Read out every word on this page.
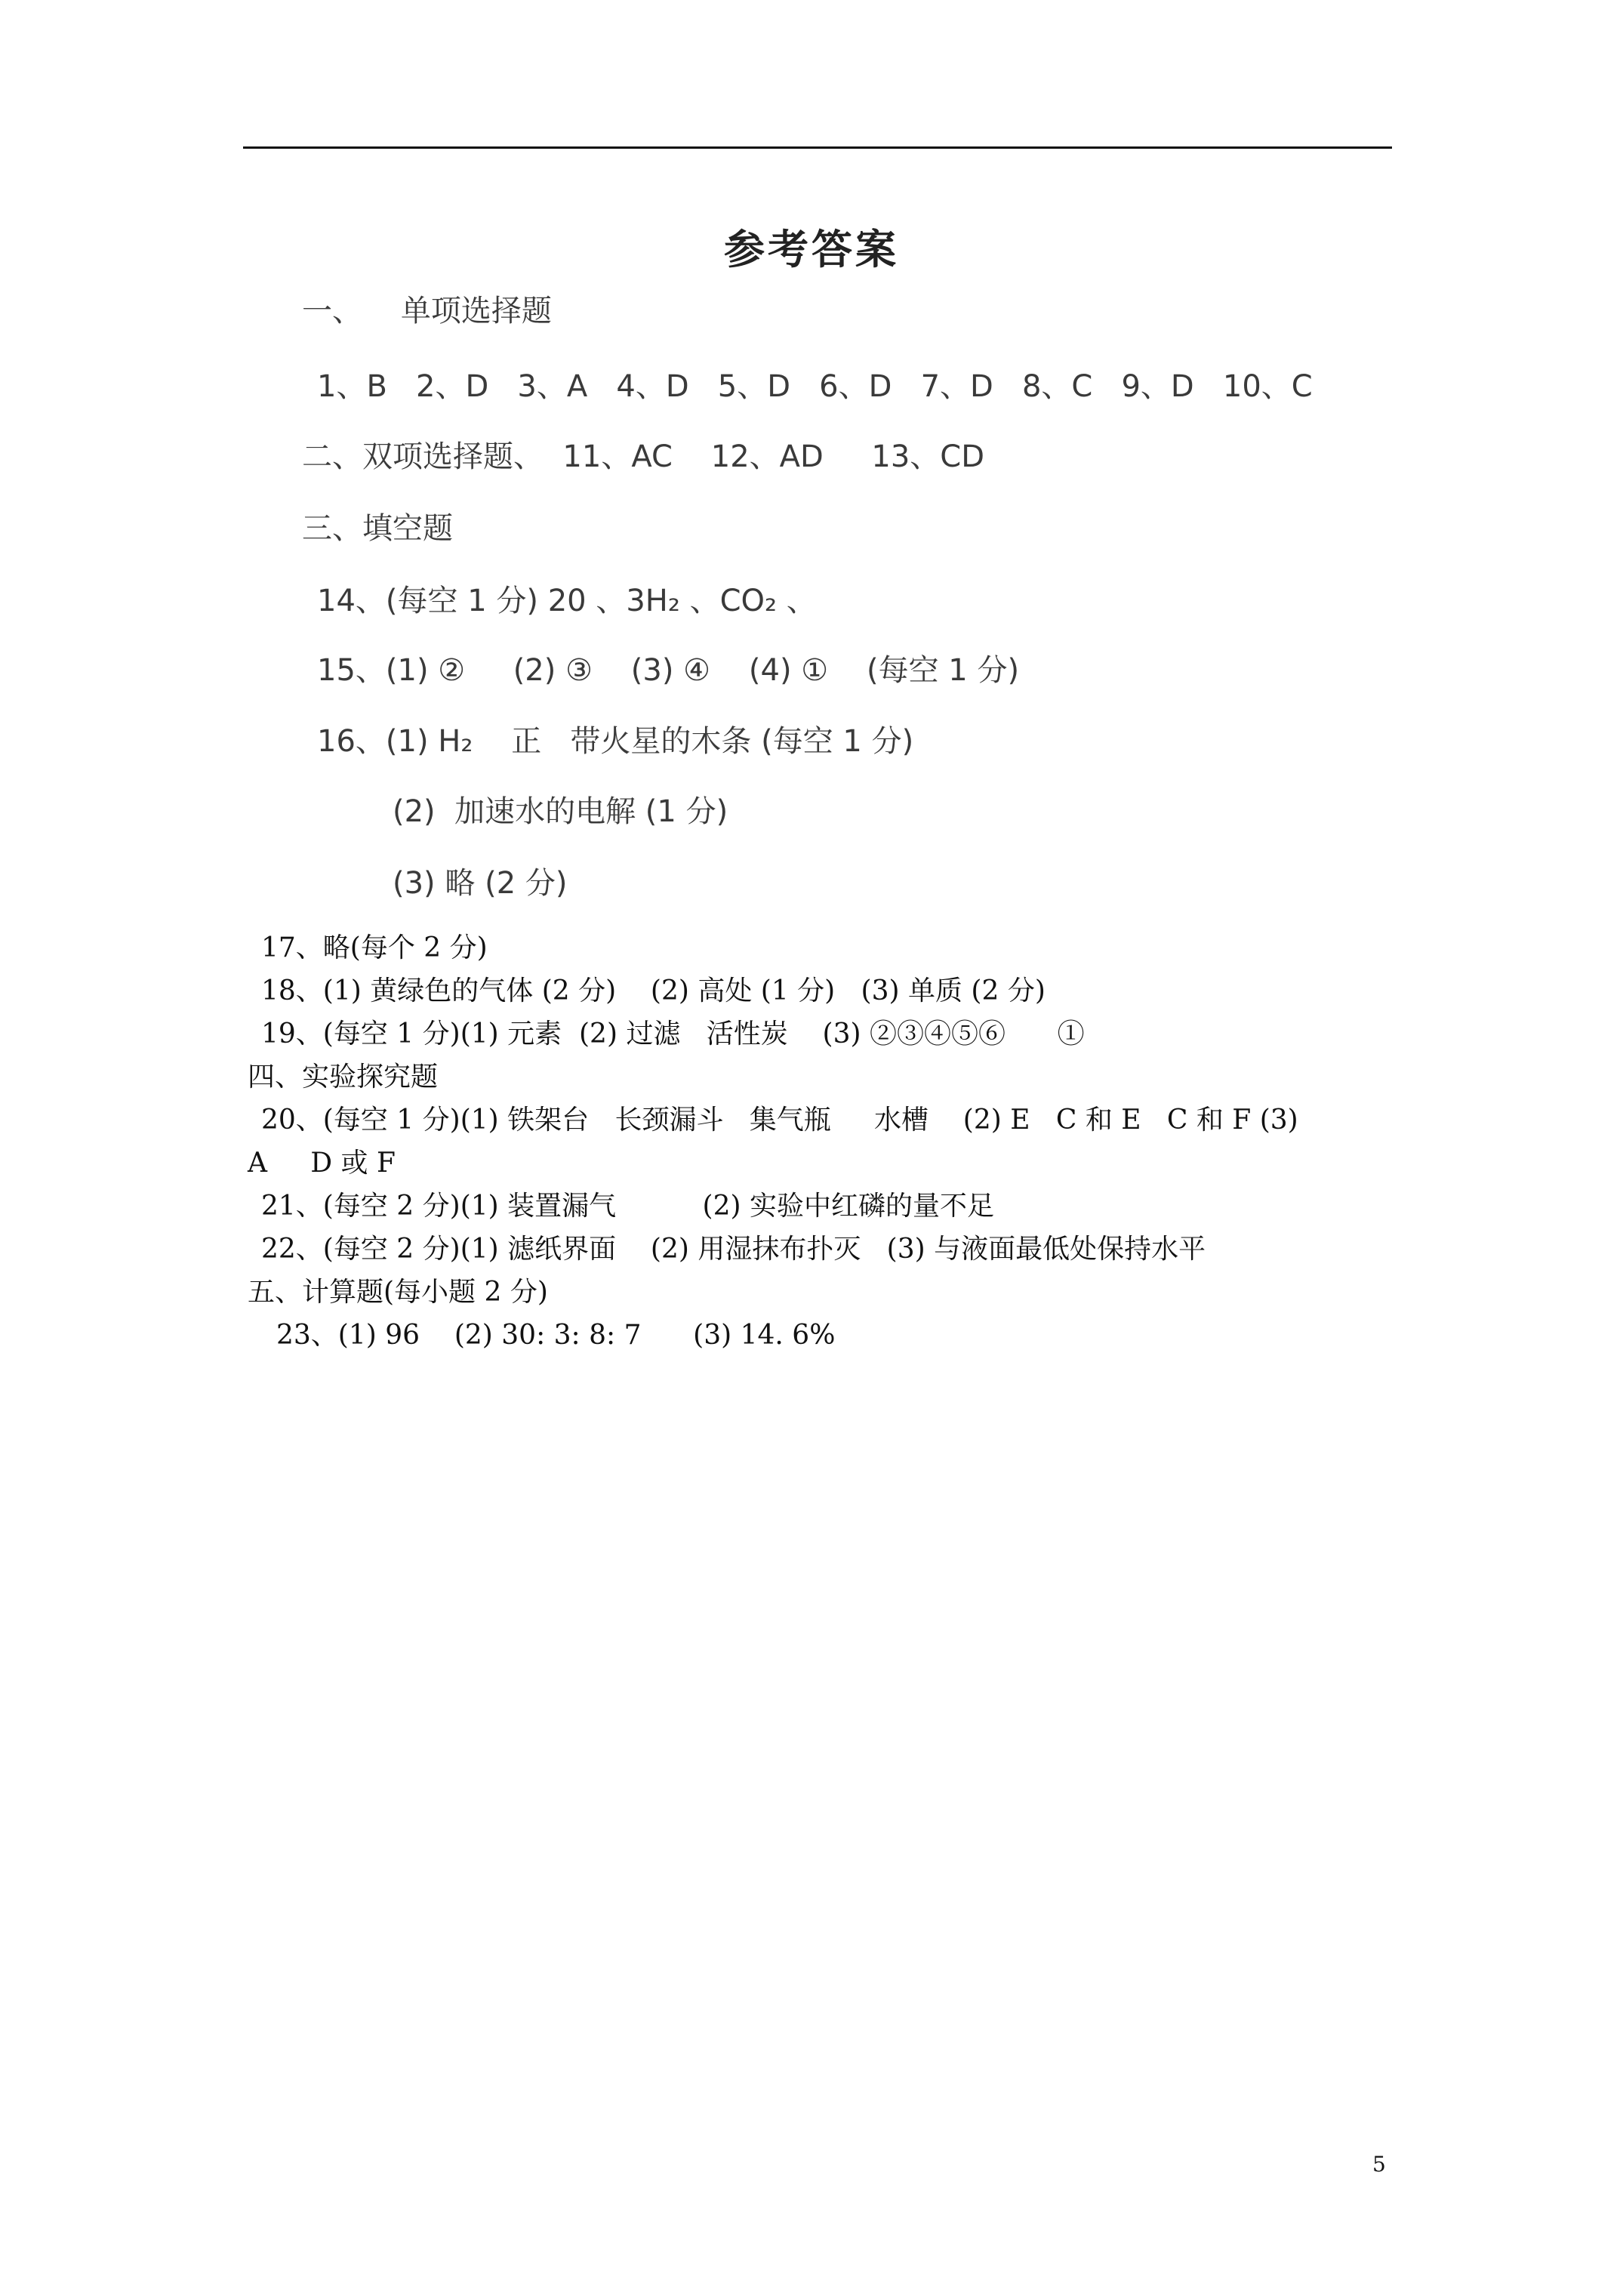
参考答案
一、    单项选择题
1、B   2、D   3、A   4、D   5、D   6、D   7、D   8、C   9、D   10、C
二、双项选择题、  11、AC    12、AD     13、CD
三、填空题
14、(每空 1 分) 20 、3H₂ 、CO₂ 、
15、(1) ②     (2) ③    (3) ④    (4) ①    (每空 1 分)
16、(1) H₂    正   带火星的木条 (每空 1 分)
(2)  加速水的电解 (1 分)
(3) 略 (2 分)
17、略(每个 2 分)
18、(1) 黄绿色的气体 (2 分)    (2) 高处 (1 分)   (3) 单质 (2 分)
19、(每空 1 分)(1) 元素  (2) 过滤   活性炭    (3) ②③④⑤⑥      ①
四、实验探究题
20、(每空 1 分)(1) 铁架台   长颈漏斗   集气瓶     水槽    (2) E   C 和 E   C 和 F (3)
A     D 或 F
21、(每空 2 分)(1) 装置漏气          (2) 实验中红磷的量不足
22、(每空 2 分)(1) 滤纸界面    (2) 用湿抹布扑灭   (3) 与液面最低处保持水平
五、计算题(每小题 2 分)
23、(1) 96    (2) 30: 3: 8: 7      (3) 14. 6%
5
